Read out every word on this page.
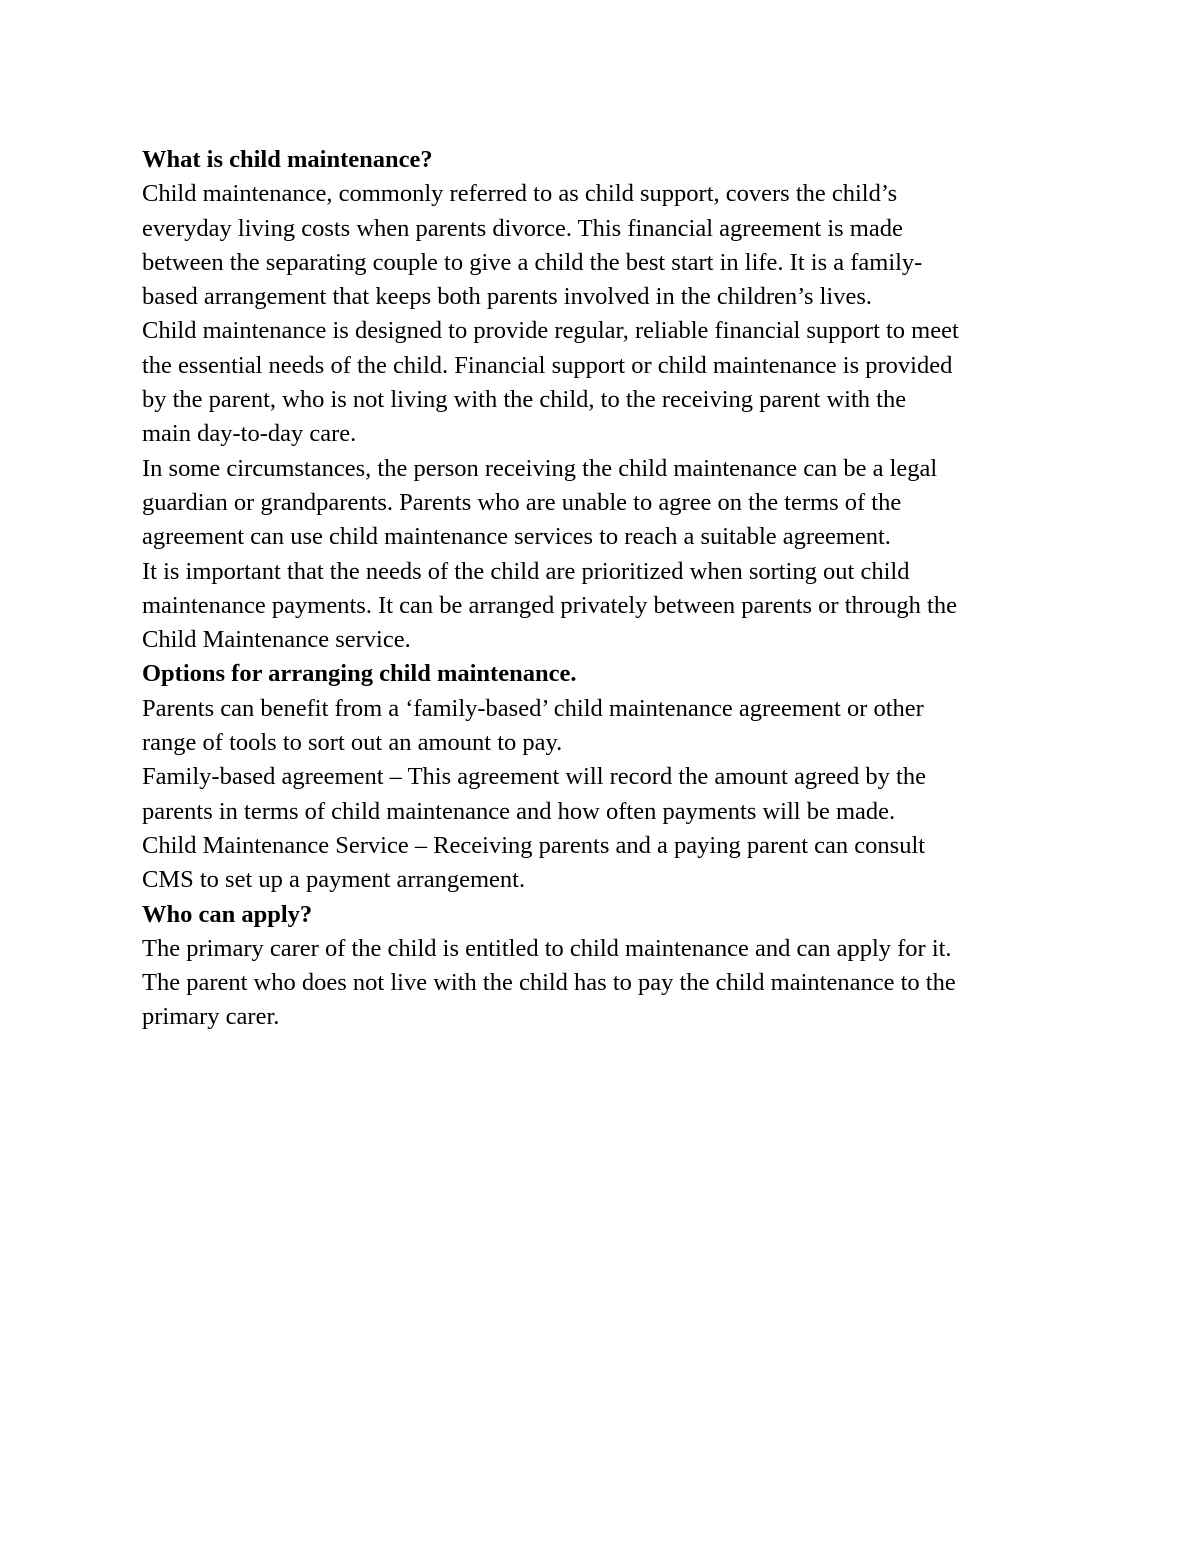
What is child maintenance?

Child maintenance, commonly referred to as child support, covers the child’s
everyday living costs when parents divorce. This financial agreement is made
between the separating couple to give a child the best start in life. It is a family-
based arrangement that keeps both parents involved in the children’s lives.

Child maintenance is designed to provide regular, reliable financial support to meet
the essential needs of the child. Financial support or child maintenance is provided
by the parent, who is not living with the child, to the receiving parent with the
main day-to-day care.

In some circumstances, the person receiving the child maintenance can be a legal
guardian or grandparents. Parents who are unable to agree on the terms of the
agreement can use child maintenance services to reach a suitable agreement.

It is important that the needs of the child are prioritized when sorting out child
maintenance payments. It can be arranged privately between parents or through the
Child Maintenance service.

Options for arranging child maintenance.

Parents can benefit from a ‘family-based’ child maintenance agreement or other
range of tools to sort out an amount to pay.

Family-based agreement – This agreement will record the amount agreed by the
parents in terms of child maintenance and how often payments will be made.

Child Maintenance Service – Receiving parents and a paying parent can consult
CMS to set up a payment arrangement.

Who can apply?

The primary carer of the child is entitled to child maintenance and can apply for it.
The parent who does not live with the child has to pay the child maintenance to the
primary carer.
